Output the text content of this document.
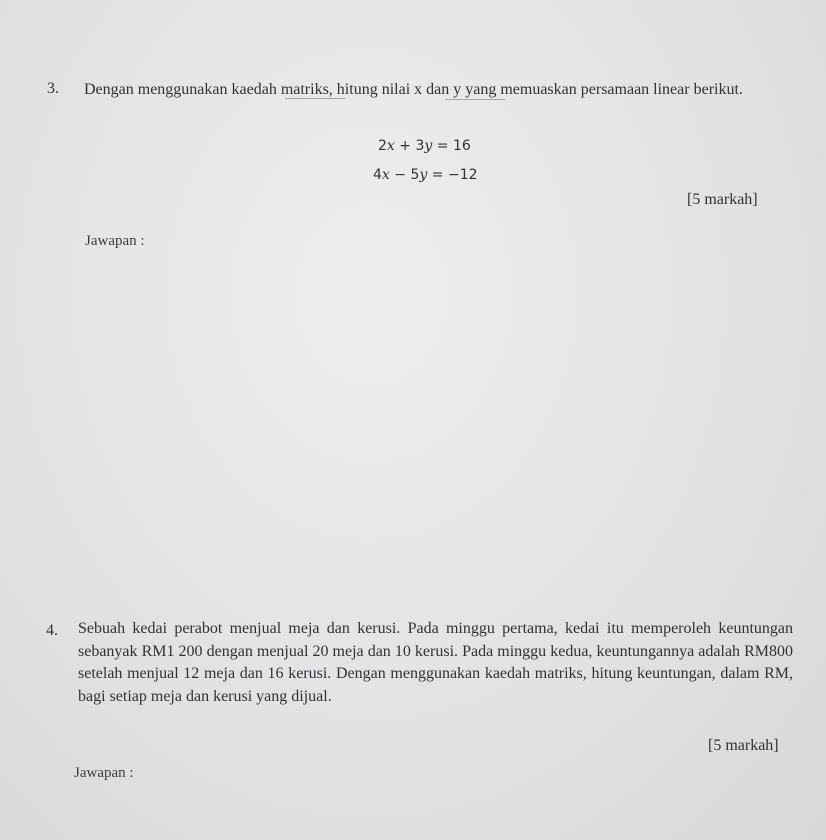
3. Dengan menggunakan kaedah matriks, hitung nilai x dan y yang memuaskan persamaan linear berikut.
2x + 3y = 16
4x − 5y = −12
[5 markah]
Jawapan :
4. Sebuah kedai perabot menjual meja dan kerusi. Pada minggu pertama, kedai itu memperoleh keuntungan sebanyak RM1 200 dengan menjual 20 meja dan 10 kerusi. Pada minggu kedua, keuntungannya adalah RM800 setelah menjual 12 meja dan 16 kerusi. Dengan menggunakan kaedah matriks, hitung keuntungan, dalam RM, bagi setiap meja dan kerusi yang dijual.
[5 markah]
Jawapan :
